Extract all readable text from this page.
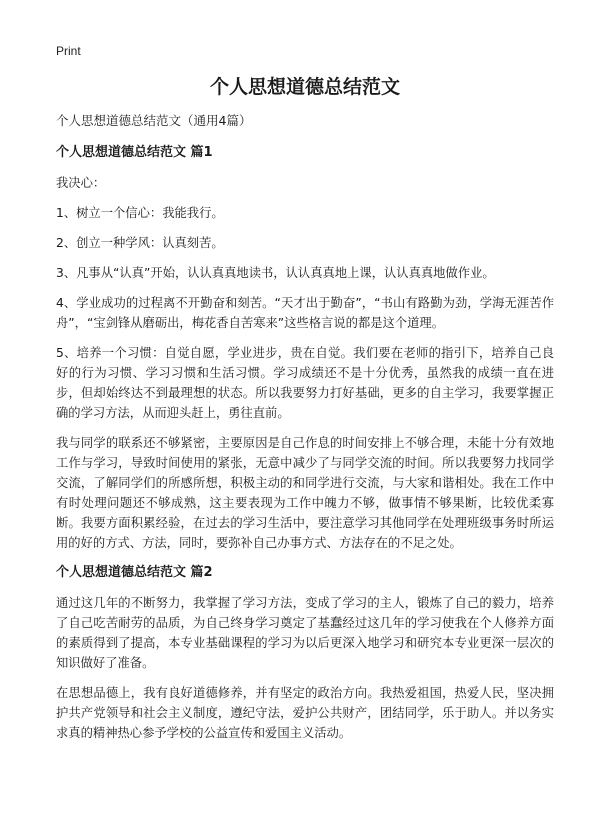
Print
个人思想道德总结范文
个人思想道德总结范文（通用4篇）
个人思想道德总结范文 篇1

我决心：

1、树立一个信心：我能我行。

2、创立一种学风：认真刻苦。

3、凡事从“认真”开始，认认真真地读书，认认真真地上课，认认真真地做作业。

4、学业成功的过程离不开勤奋和刻苦。“天才出于勤奋”，“书山有路勤为劲，学海无涯苦作舟”，“宝剑锋从磨砺出，梅花香自苦寒来”这些格言说的都是这个道理。

5、培养一个习惯：自觉自愿，学业进步，贵在自觉。我们要在老师的指引下，培养自己良好的行为习惯、学习习惯和生活习惯。学习成绩还不是十分优秀，虽然我的成绩一直在进步，但却始终达不到最理想的状态。所以我要努力打好基础，更多的自主学习，我要掌握正确的学习方法，从而迎头赶上，勇往直前。

我与同学的联系还不够紧密，主要原因是自己作息的时间安排上不够合理，未能十分有效地工作与学习，导致时间使用的紧张，无意中减少了与同学交流的时间。所以我要努力找同学交流，了解同学们的所感所想，积极主动的和同学进行交流，与大家和谐相处。我在工作中有时处理问题还不够成熟，这主要表现为工作中魄力不够，做事情不够果断，比较优柔寡断。我要方面积累经验，在过去的学习生活中，要注意学习其他同学在处理班级事务时所运用的好的方式、方法，同时，要弥补自己办事方式、方法存在的不足之处。

个人思想道德总结范文 篇2

通过这几年的不断努力，我掌握了学习方法，变成了学习的主人，锻炼了自己的毅力，培养了自己吃苦耐劳的品质，为自己终身学习奠定了基蠢经过这几年的学习使我在个人修养方面的素质得到了提高，本专业基础课程的学习为以后更深入地学习和研究本专业更深一层次的知识做好了准备。

在思想品德上，我有良好道德修养，并有坚定的政治方向。我热爱祖国，热爱人民，坚决拥 护共产党领导和社会主义制度，遵纪守法，爱护公共财产，团结同学，乐于助人。并以务实求真的精神热心参予学校的公益宣传和爱国主义活动。
